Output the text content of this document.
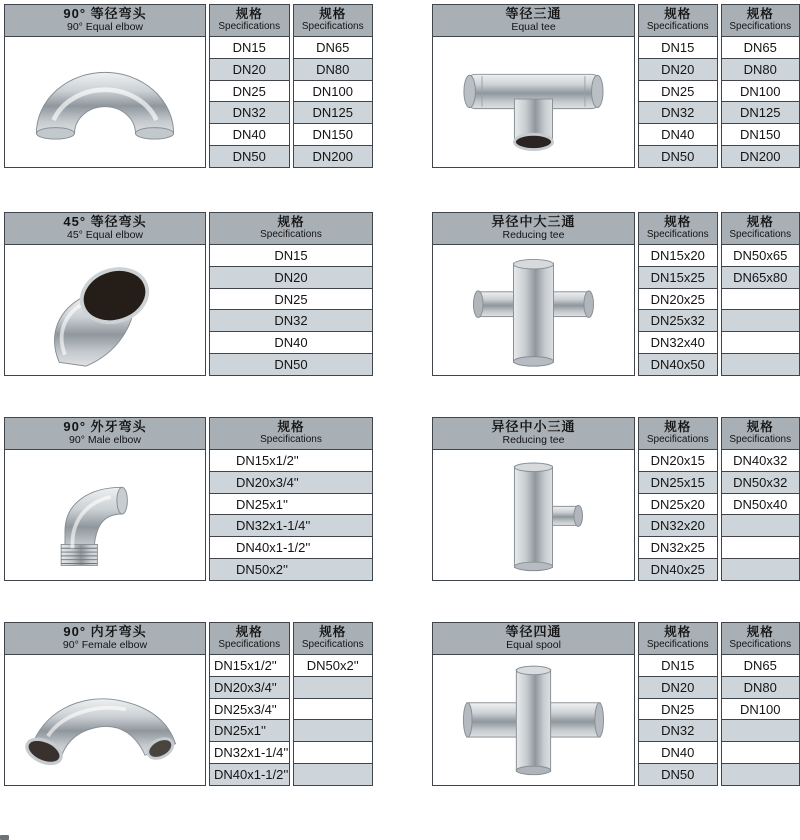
90° 等径弯头
90° Equal elbow
规格
Specifications
DN15
DN20
DN25
DN32
DN40
DN50
规格
Specifications
DN65
DN80
DN100
DN125
DN150
DN200
等径三通
Equal tee
规格
Specifications
DN15
DN20
DN25
DN32
DN40
DN50
规格
Specifications
DN65
DN80
DN100
DN125
DN150
DN200
45° 等径弯头
45° Equal elbow
规格
Specifications
DN15
DN20
DN25
DN32
DN40
DN50
异径中大三通
Reducing tee
规格
Specifications
DN15x20
DN15x25
DN20x25
DN25x32
DN32x40
DN40x50
规格
Specifications
DN50x65
DN65x80
90° 外牙弯头
90° Male elbow
规格
Specifications
DN15x1/2''
DN20x3/4''
DN25x1''
DN32x1-1/4''
DN40x1-1/2''
DN50x2''
异径中小三通
Reducing tee
规格
Specifications
DN20x15
DN25x15
DN25x20
DN32x20
DN32x25
DN40x25
规格
Specifications
DN40x32
DN50x32
DN50x40
90° 内牙弯头
90° Female elbow
规格
Specifications
DN15x1/2''
DN20x3/4''
DN25x3/4''
DN25x1''
DN32x1-1/4''
DN40x1-1/2''
规格
Specifications
DN50x2''
等径四通
Equal spool
规格
Specifications
DN15
DN20
DN25
DN32
DN40
DN50
规格
Specifications
DN65
DN80
DN100
